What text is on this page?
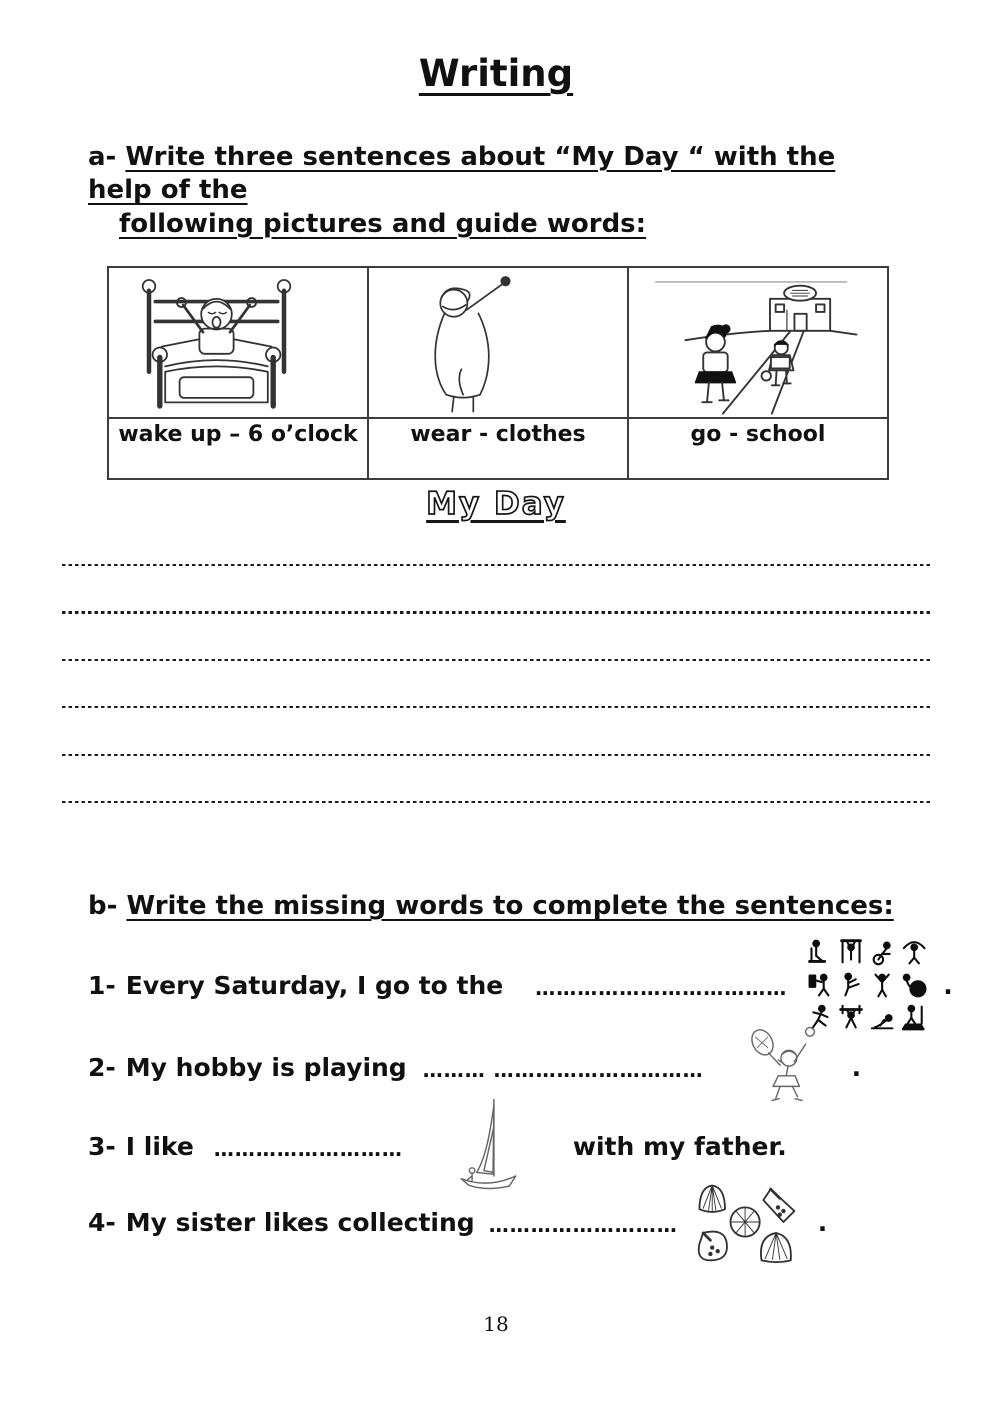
Writing
a- Write three sentences about “My Day “ with the help of the
following pictures and guide words:

wake up – 6 o’clock	wear - clothes	go - school
My Day
b- Write the missing words to complete the sentences:
1- Every Saturday, I go to the ………………………………	.
2- My hobby is playing ……… …………………………	.
3- I like ………………………	with my father.
4- My sister likes collecting ………………………	.
18
